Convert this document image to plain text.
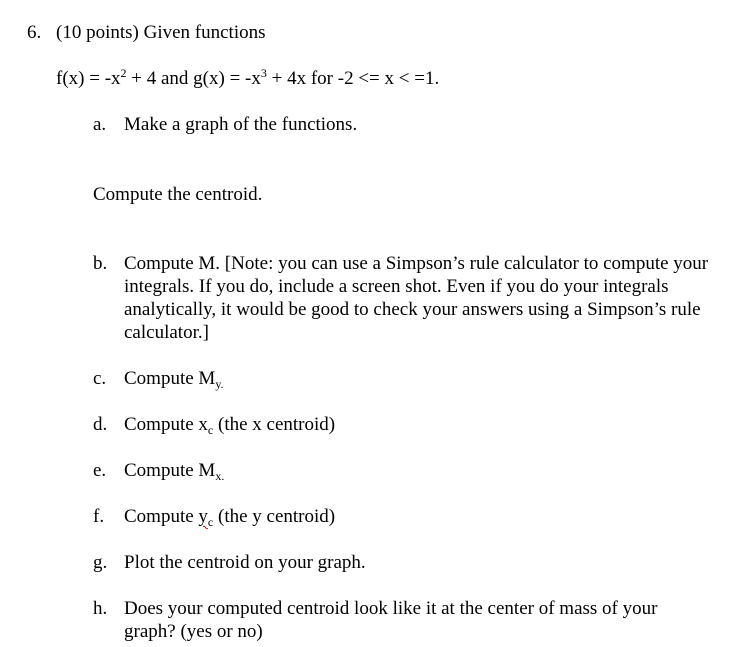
6. (10 points) Given functions
$f(x) = -x^2 + 4$ and $g(x) = -x^3 + 4x$ for -2 <= x < =1.
a. Make a graph of the functions.
Compute the centroid.
b. Compute M. [Note: you can use a Simpson’s rule calculator to compute your integrals. If you do, include a screen shot. Even if you do your integrals analytically, it would be good to check your answers using a Simpson’s rule calculator.]
c. Compute $M_{y.}$
d. Compute $x_c$ (the x centroid)
e. Compute $M_{x.}$
f. Compute $y_c$ (the y centroid)
g. Plot the centroid on your graph.
h. Does your computed centroid look like it at the center of mass of your graph? (yes or no)
